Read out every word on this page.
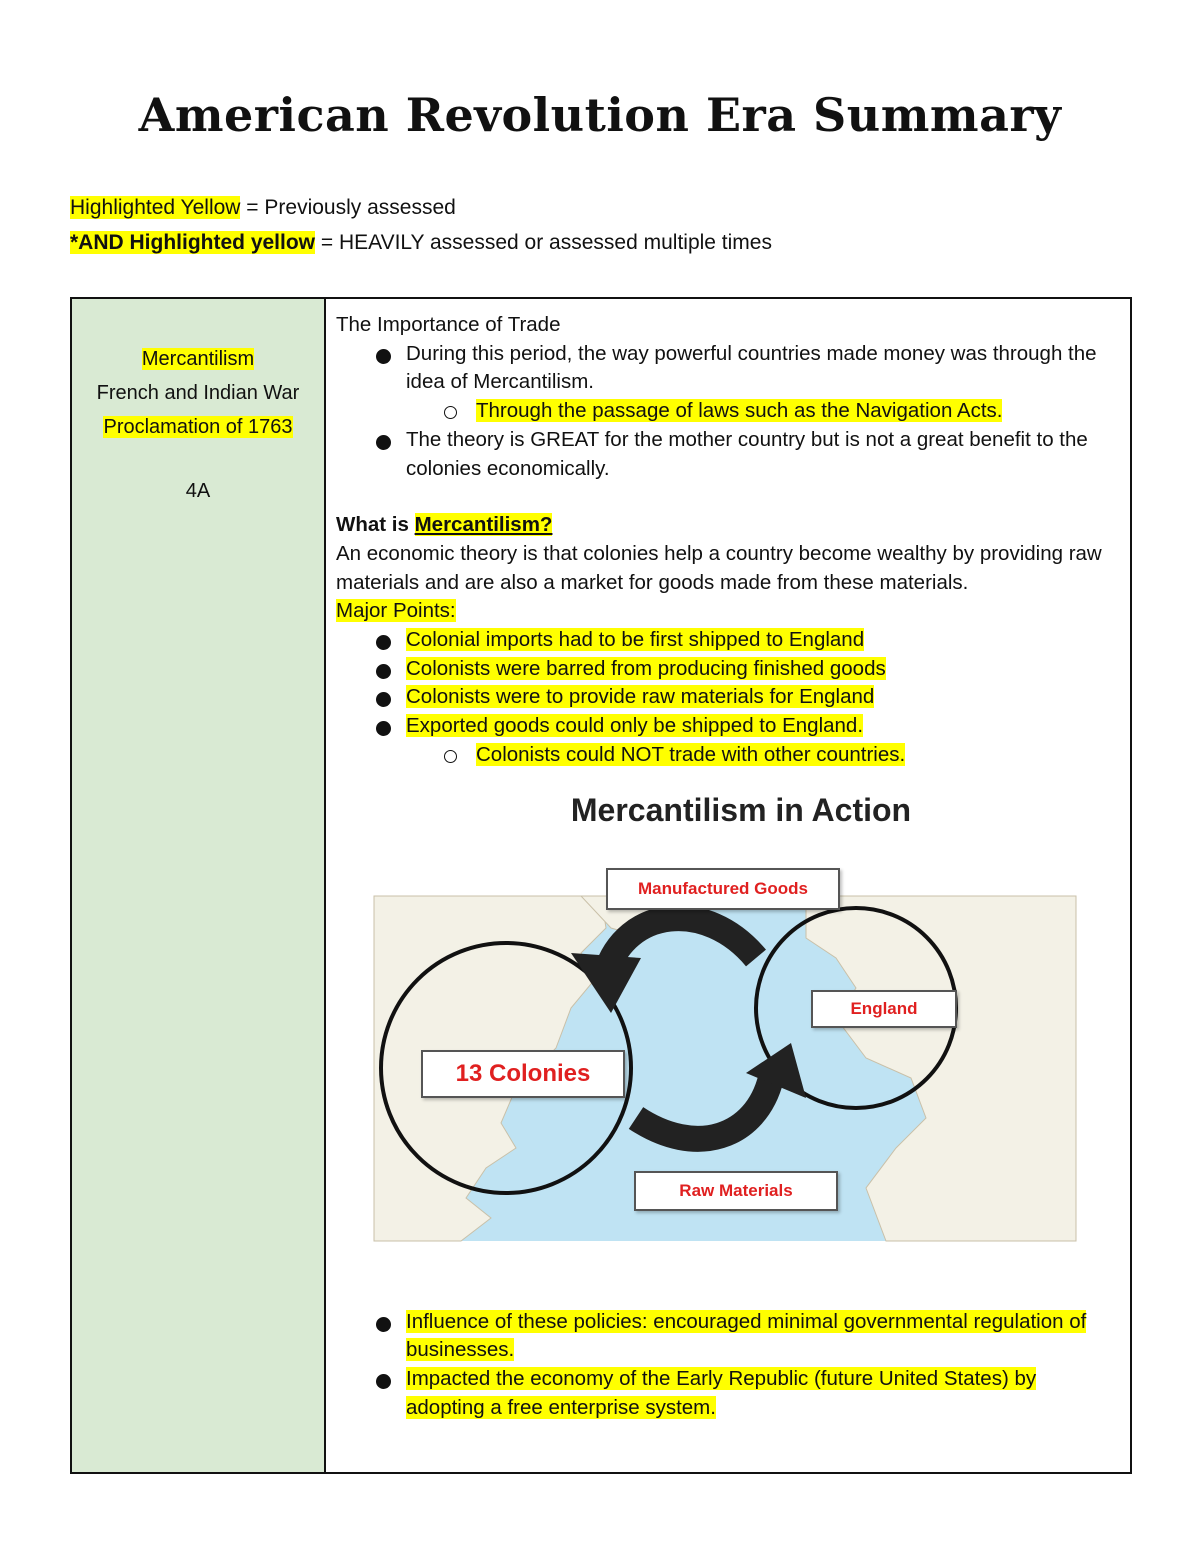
American Revolution Era Summary
Highlighted Yellow = Previously assessed
*AND Highlighted yellow = HEAVILY assessed or assessed multiple times
Mercantilism
French and Indian War
Proclamation of 1763
4A

The Importance of Trade

During this period, the way powerful countries made money was through the idea of Mercantilism.
Through the passage of laws such as the Navigation Acts.
The theory is GREAT for the mother country but is not a great benefit to the colonies economically.

What is Mercantilism?

An economic theory is that colonies help a country become wealthy by providing raw materials and are also a market for goods made from these materials.

Major Points:

Colonial imports had to be first shipped to England
Colonists were barred from producing finished goods
Colonists were to provide raw materials for England
Exported goods could only be shipped to England.
Colonists could NOT trade with other countries.
Mercantilism in Action
Manufactured Goods
England
13 Colonies
Raw Materials
Influence of these policies: encouraged minimal governmental regulation of businesses.
Impacted the economy of the Early Republic (future United States) by adopting a free enterprise system.
